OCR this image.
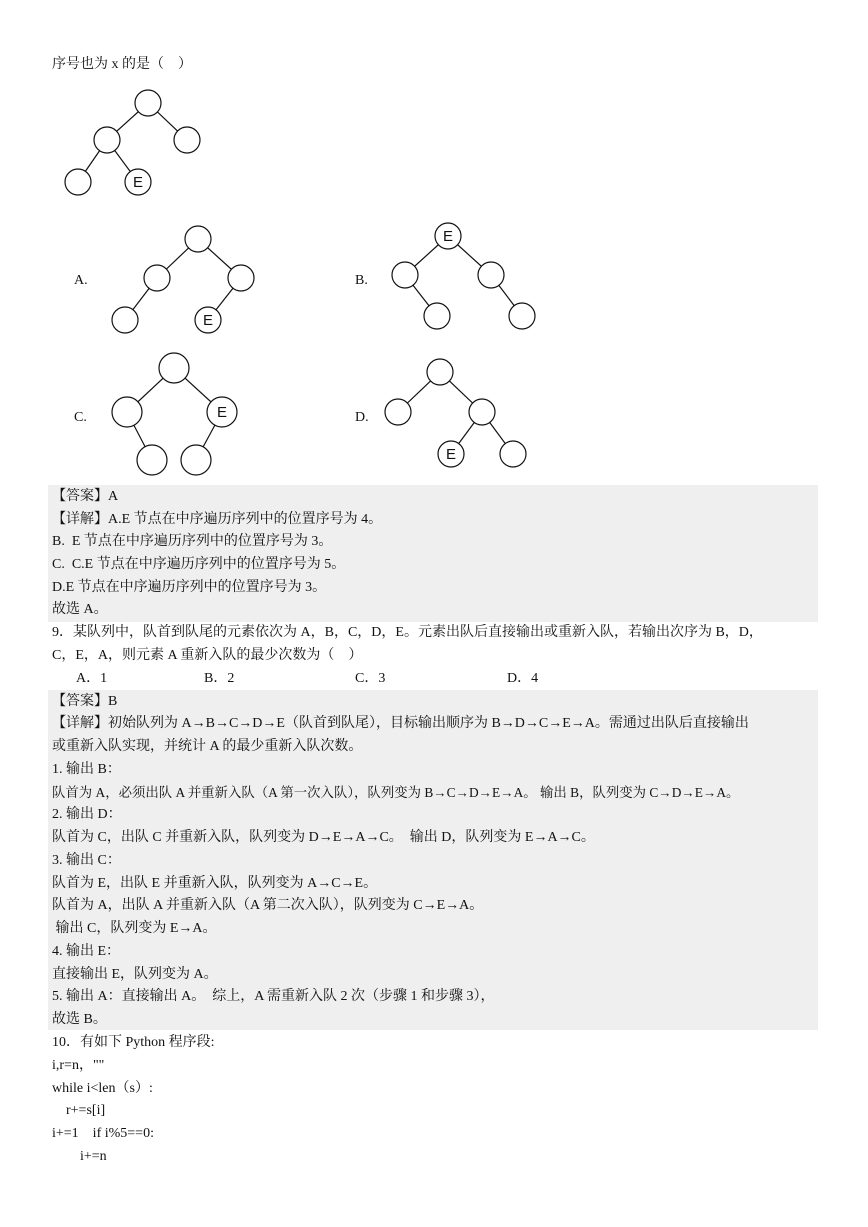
序号也为 x 的是（    ）
E
E
E
E
E
A.	B.
C.	D.
【答案】A
【详解】A.E 节点在中序遍历序列中的位置序号为 4。
B.  E 节点在中序遍历序列中的位置序号为 3。
C.  C.E 节点在中序遍历序列中的位置序号为 5。
D.E 节点在中序遍历序列中的位置序号为 3。
故选 A。
9．某队列中，队首到队尾的元素依次为 A，B，C，D，E。元素出队后直接输出或重新入队，若输出次序为 B，D，
C，E，A，则元素 A 重新入队的最少次数为（    ）
A．1	B．2	C．3	D．4
【答案】B
【详解】初始队列为 A→B→C→D→E（队首到队尾），目标输出顺序为 B→D→C→E→A。需通过出队后直接输出
或重新入队实现，并统计 A 的最少重新入队次数。
1. 输出 B：
队首为 A，必须出队 A 并重新入队（A 第一次入队），队列变为 B→C→D→E→A。 输出 B，队列变为 C→D→E→A。
2. 输出 D：
队首为 C，出队 C 并重新入队，队列变为 D→E→A→C。  输出 D，队列变为 E→A→C。
3. 输出 C：
队首为 E，出队 E 并重新入队，队列变为 A→C→E。
队首为 A，出队 A 并重新入队（A 第二次入队），队列变为 C→E→A。
输出 C，队列变为 E→A。
4. 输出 E：
直接输出 E，队列变为 A。
5. 输出 A：直接输出 A。  综上，A 需重新入队 2 次（步骤 1 和步骤 3），
故选 B。
10．有如下 Python 程序段:
i,r=n，""
while i<len（s）:
r+=s[i]
i+=1    if i%5==0:
i+=n
